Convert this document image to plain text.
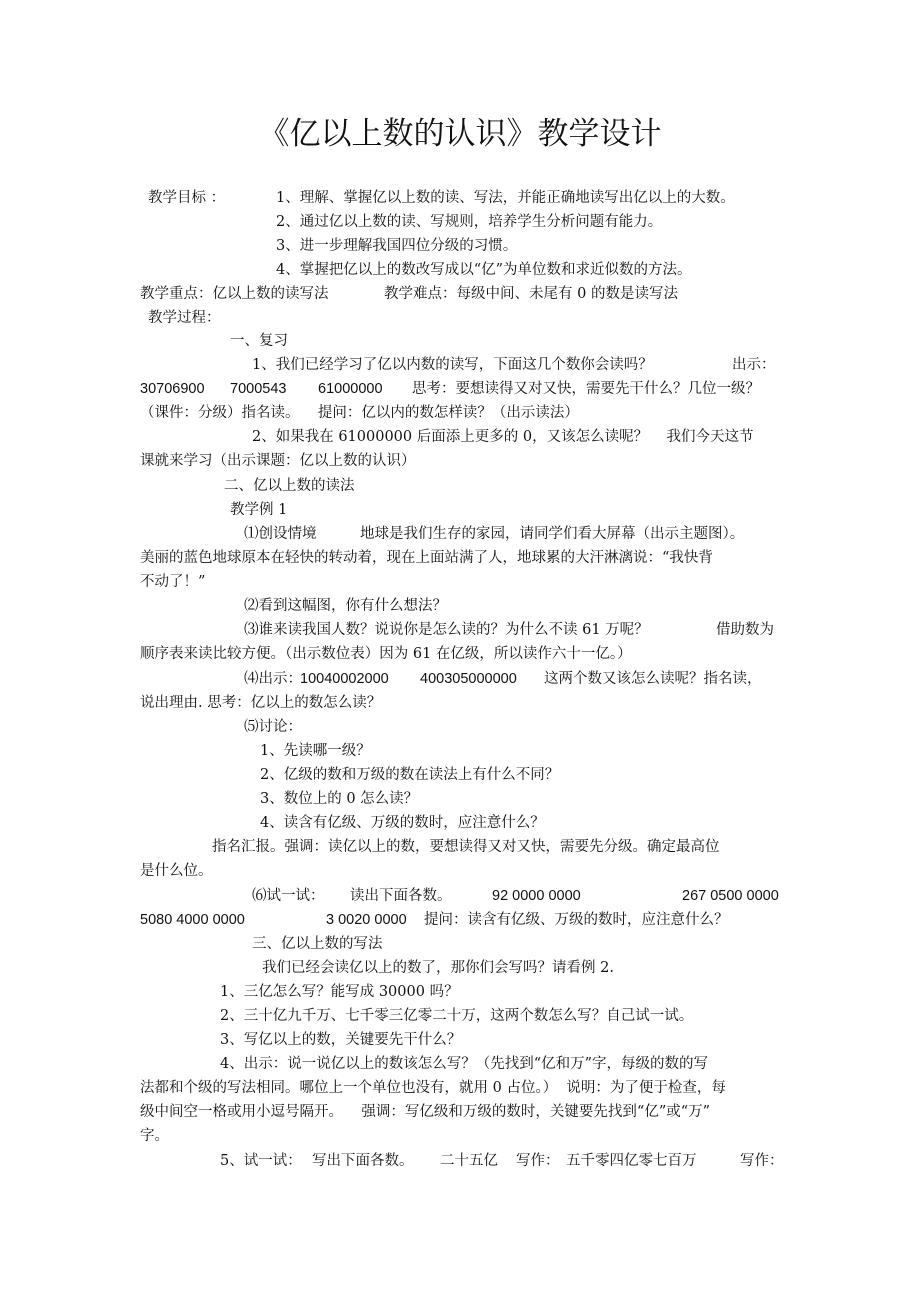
《亿以上数的认识》教学设计
教学目标 ：	1、理解、掌握亿以上数的读、写法，并能正确地读写出亿以上的大数。
2、通过亿以上数的读、写规则，培养学生分析问题有能力。
3、进一步理解我国四位分级的习惯。
4、掌握把亿以上的数改写成以“亿”为单位数和求近似数的方法。
教学重点：亿以上数的读写法	教学难点：每级中间、未尾有 0 的数是读写法
教学过程：
一、复习
1、我们已经学习了亿以内数的读写，下面这几个数你会读吗？	出示：
30706900 7000543 61000000 思考：要想读得又对又快，需要先干什么？几位一级？
（课件：分级）指名读。    提问：亿以内的数怎样读？（出示读法）
2、如果我在 61000000 后面添上更多的 0，又该怎么读呢？    我们今天这节
课就来学习（出示课题：亿以上数的认识）
二、亿以上数的读法
教学例 1
⑴创设情境	地球是我们生存的家园，请同学们看大屏幕（出示主题图）。
美丽的蓝色地球原本在轻快的转动着，现在上面站满了人，地球累的大汗淋漓说：“我快背
不动了！”
⑵看到这幅图，你有什么想法？
⑶谁来读我国人数？说说你是怎么读的？为什么不读 61 万呢？	借助数为
顺序表来读比较方便。（出示数位表）因为 61 在亿级，所以读作六十一亿。）
⑷出示：
10040002000 400305000000 这两个数又该怎么读呢？指名读，
说出理由. 思考：亿以上的数怎么读？
⑸讨论：
1、先读哪一级？
2、亿级的数和万级的数在读法上有什么不同？
3、数位上的 0 怎么读？
4、读含有亿级、万级的数时，应注意什么？
指名汇报。强调：读亿以上的数，要想读得又对又快，需要先分级。确定最高位
是什么位。
⑹试一试： 读出下面各数。	92 0000 0000	267 0500 0000
5080 4000 0000	3 0020 0000 提问：读含有亿级、万级的数时，应注意什么？
三、亿以上数的写法
我们已经会读亿以上的数了，那你们会写吗？请看例 2.
1、三亿怎么写？能写成 30000 吗？
2、三十亿九千万、七千零三亿零二十万，这两个数怎么写？自己试一试。
3、写亿以上的数，关键要先干什么？
4、出示：说一说亿以上的数该怎么写？（先找到“亿和万”字，每级的数的写
法都和个级的写法相同。哪位上一个单位也没有，就用 0 占位。）  说明：为了便于检查，每
级中间空一格或用小逗号隔开。    强调：写亿级和万级的数时，关键要先找到“亿”或“万”
字。
5、试一试： 写出下面各数。 二十五亿 写作： 五千零四亿零七百万	写作：
